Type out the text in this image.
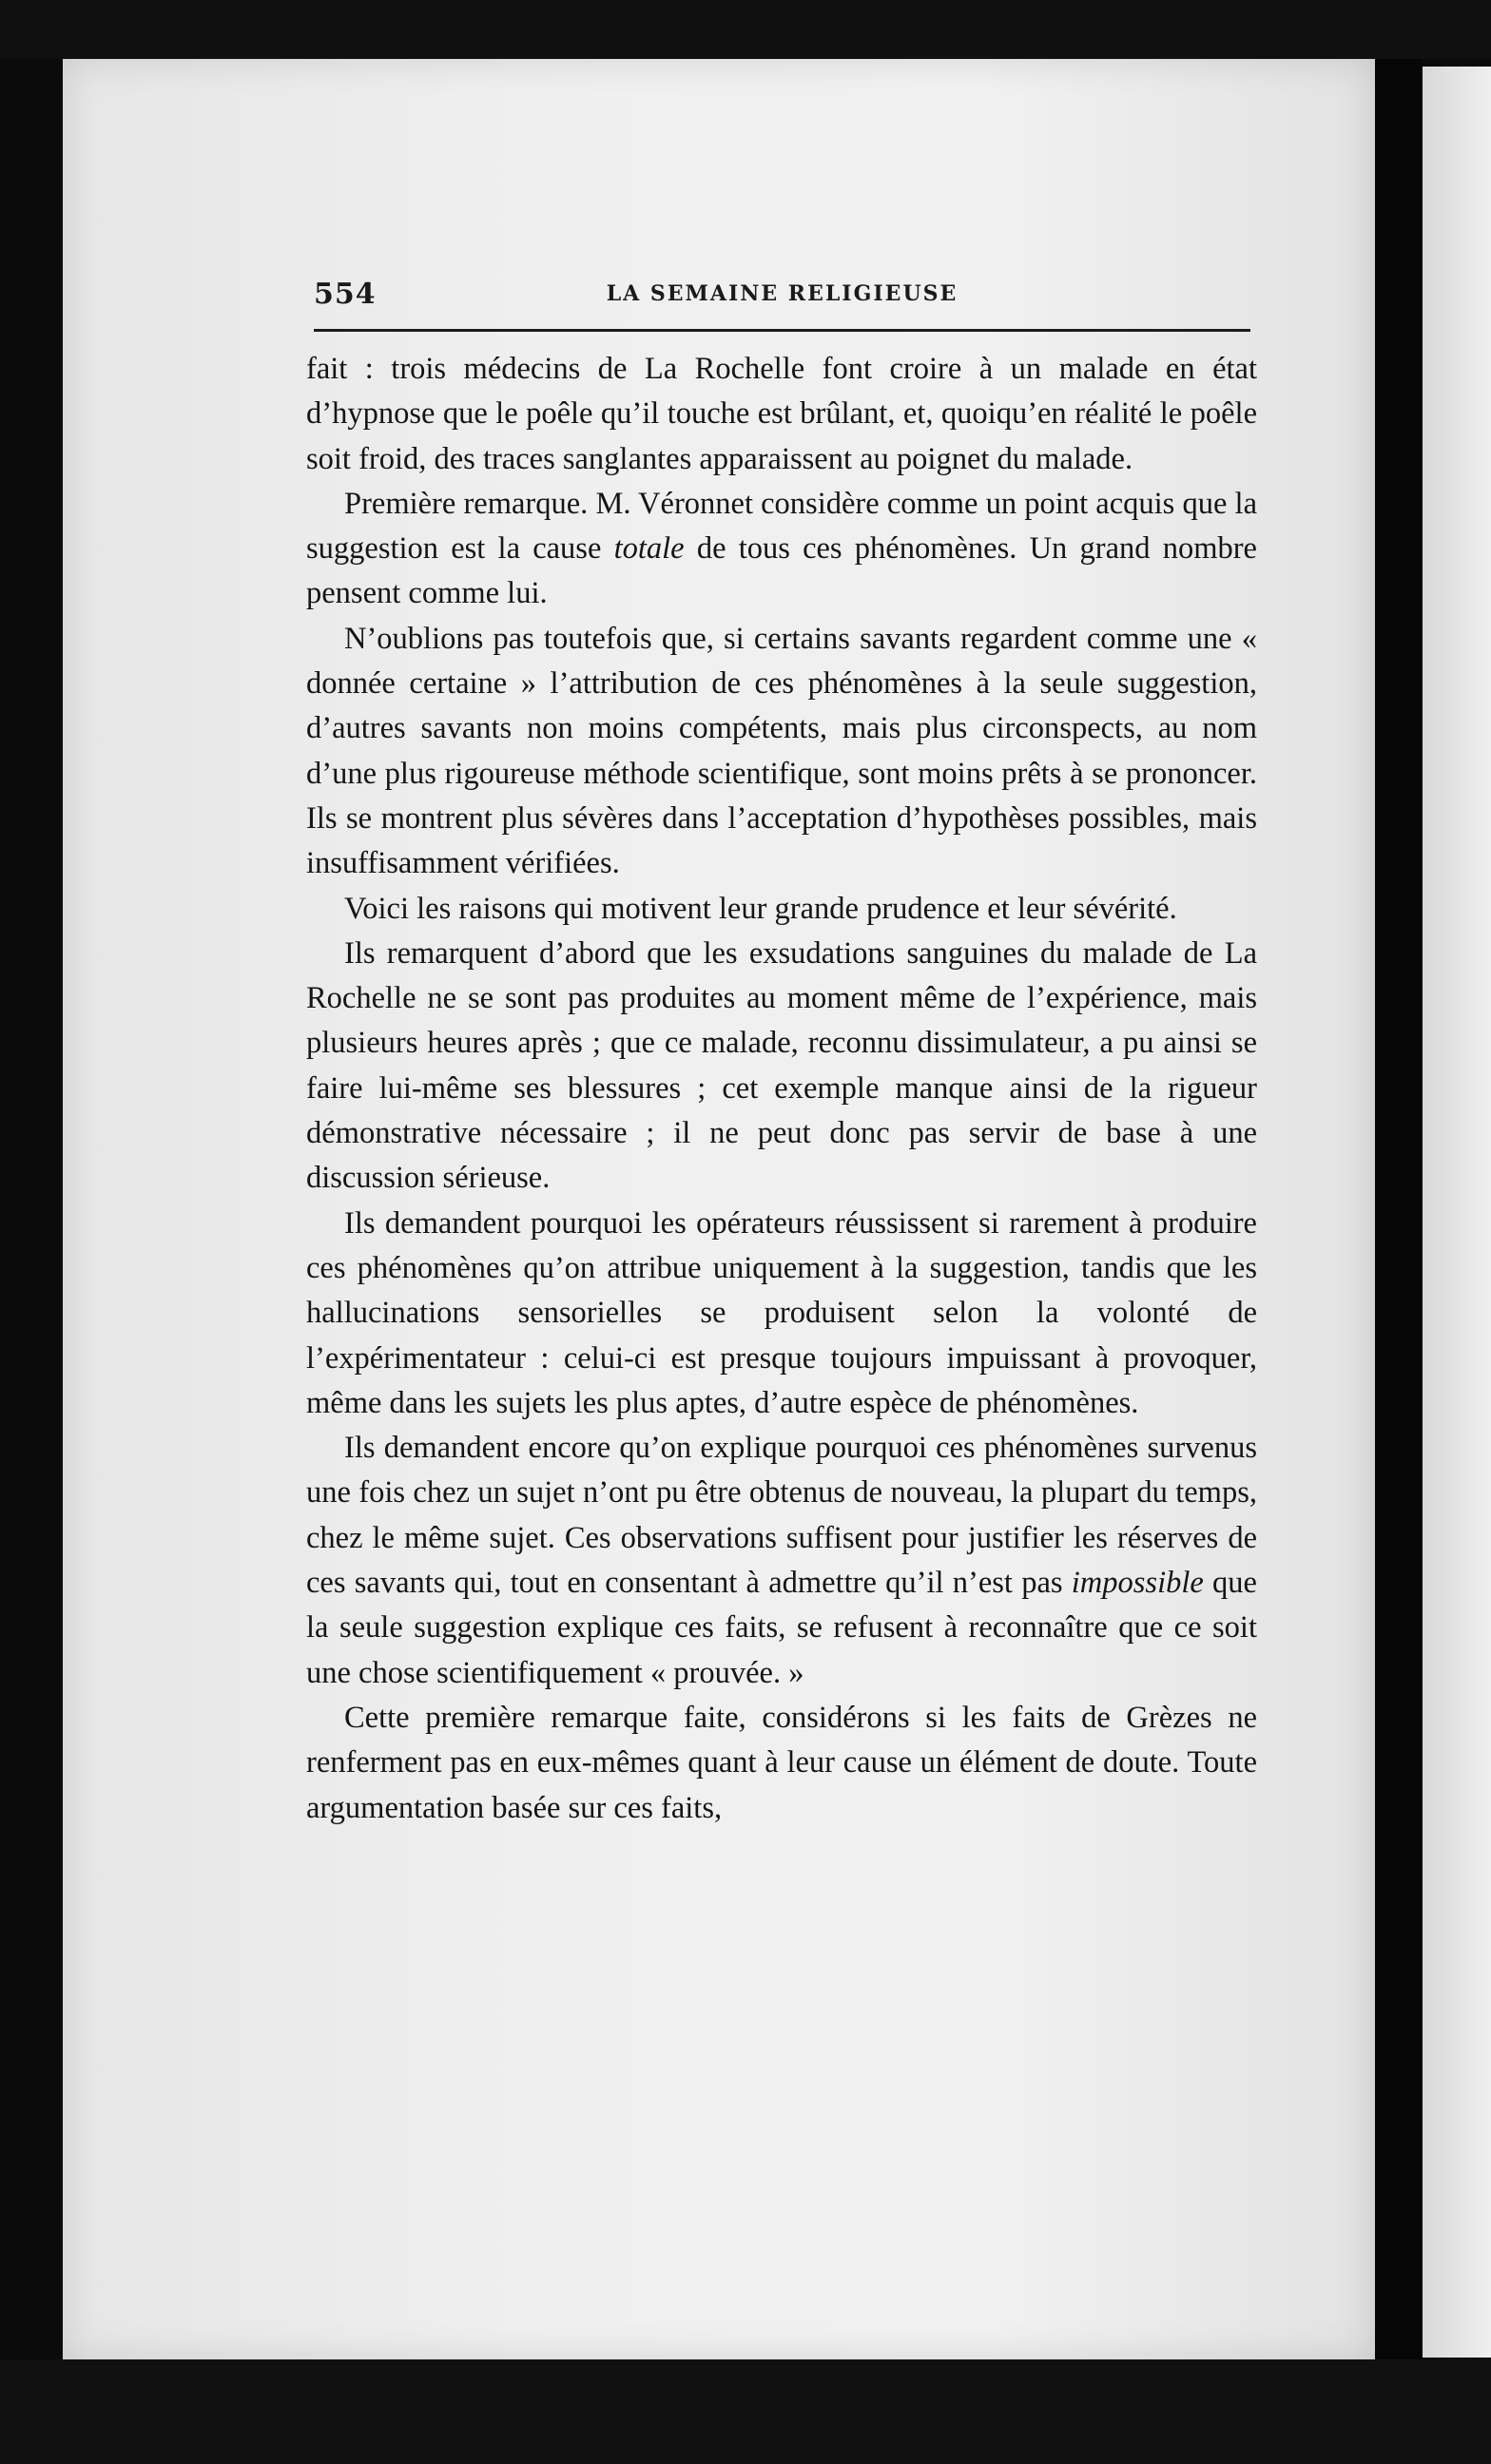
554	LA SEMAINE RELIGIEUSE

fait : trois médecins de La Rochelle font croire à un malade en état d’hypnose que le poêle qu’il touche est brûlant, et, quoiqu’en réalité le poêle soit froid, des traces sanglantes apparaissent au poignet du malade.

Première remarque. M. Véronnet considère comme un point acquis que la suggestion est la cause totale de tous ces phénomènes. Un grand nombre pensent comme lui.

N’oublions pas toutefois que, si certains savants regardent comme une « donnée certaine » l’attribution de ces phénomènes à la seule suggestion, d’autres savants non moins compétents, mais plus circonspects, au nom d’une plus rigoureuse méthode scientifique, sont moins prêts à se prononcer. Ils se montrent plus sévères dans l’acceptation d’hypothèses possibles, mais insuffisamment vérifiées.

Voici les raisons qui motivent leur grande prudence et leur sévérité.

Ils remarquent d’abord que les exsudations sanguines du malade de La Rochelle ne se sont pas produites au moment même de l’expérience, mais plusieurs heures après ; que ce malade, reconnu dissimulateur, a pu ainsi se faire lui-même ses blessures ; cet exemple manque ainsi de la rigueur démonstrative nécessaire ; il ne peut donc pas servir de base à une discussion sérieuse.

Ils demandent pourquoi les opérateurs réussissent si rarement à produire ces phénomènes qu’on attribue uniquement à la suggestion, tandis que les hallucinations sensorielles se produisent selon la volonté de l’expérimentateur : celui-ci est presque toujours impuissant à provoquer, même dans les sujets les plus aptes, d’autre espèce de phénomènes.

Ils demandent encore qu’on explique pourquoi ces phénomènes survenus une fois chez un sujet n’ont pu être obtenus de nouveau, la plupart du temps, chez le même sujet. Ces observations suffisent pour justifier les réserves de ces savants qui, tout en consentant à admettre qu’il n’est pas impossible que la seule suggestion explique ces faits, se refusent à reconnaître que ce soit une chose scientifiquement « prouvée. »

Cette première remarque faite, considérons si les faits de Grèzes ne renferment pas en eux-mêmes quant à leur cause un élément de doute. Toute argumentation basée sur ces faits,
